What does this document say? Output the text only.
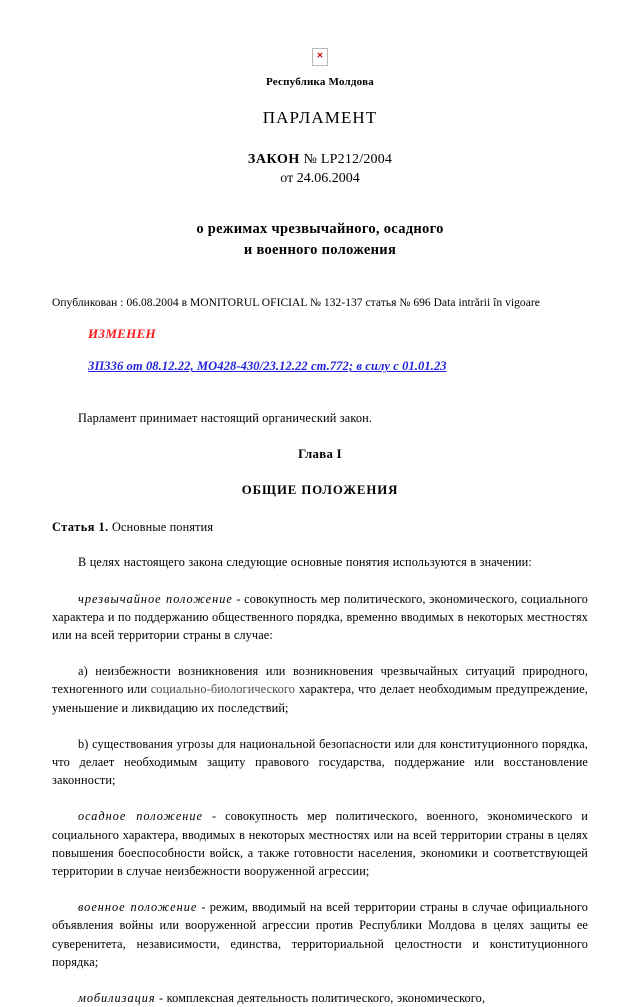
✕
Республика Молдова
ПАРЛАМЕНТ
ЗАКОН № LP212/2004
от 24.06.2004
о режимах чрезвычайного, осадного
и военного положения
Опубликован : 06.08.2004 в MONITORUL OFICIAL № 132-137 статья № 696 Data intrării în vigoare
ИЗМЕНЕН
ЗП336 от 08.12.22, МО428-430/23.12.22 ст.772; в силу с 01.01.23
Парламент принимает настоящий органический закон.
Глава I
ОБЩИЕ ПОЛОЖЕНИЯ
Статья 1. Основные понятия

В целях настоящего закона следующие основные понятия используются в значении:

чрезвычайное положение - совокупность мер политического, экономического, социального характера и по поддержанию общественного порядка, временно вводимых в некоторых местностях или на всей территории страны в случае:

а) неизбежности возникновения или возникновения чрезвычайных ситуаций природного, техногенного или социально-биологического характера, что делает необходимым предупреждение, уменьшение и ликвидацию их последствий;

b) существования угрозы для национальной безопасности или для конституционного порядка, что делает необходимым защиту правового государства, поддержание или восстановление законности;

осадное положение - совокупность мер политического, военного, экономического и социального характера, вводимых в некоторых местностях или на всей территории страны в целях повышения боеспособности войск, а также готовности населения, экономики и соответствующей территории в случае неизбежности вооруженной агрессии;

военное положение - режим, вводимый на всей территории страны в случае официального объявления войны или вооруженной агрессии против Республики Молдова в целях защиты ее суверенитета, независимости, единства, территориальной целостности и конституционного порядка;

мобилизация - комплексная деятельность политического, экономического,
